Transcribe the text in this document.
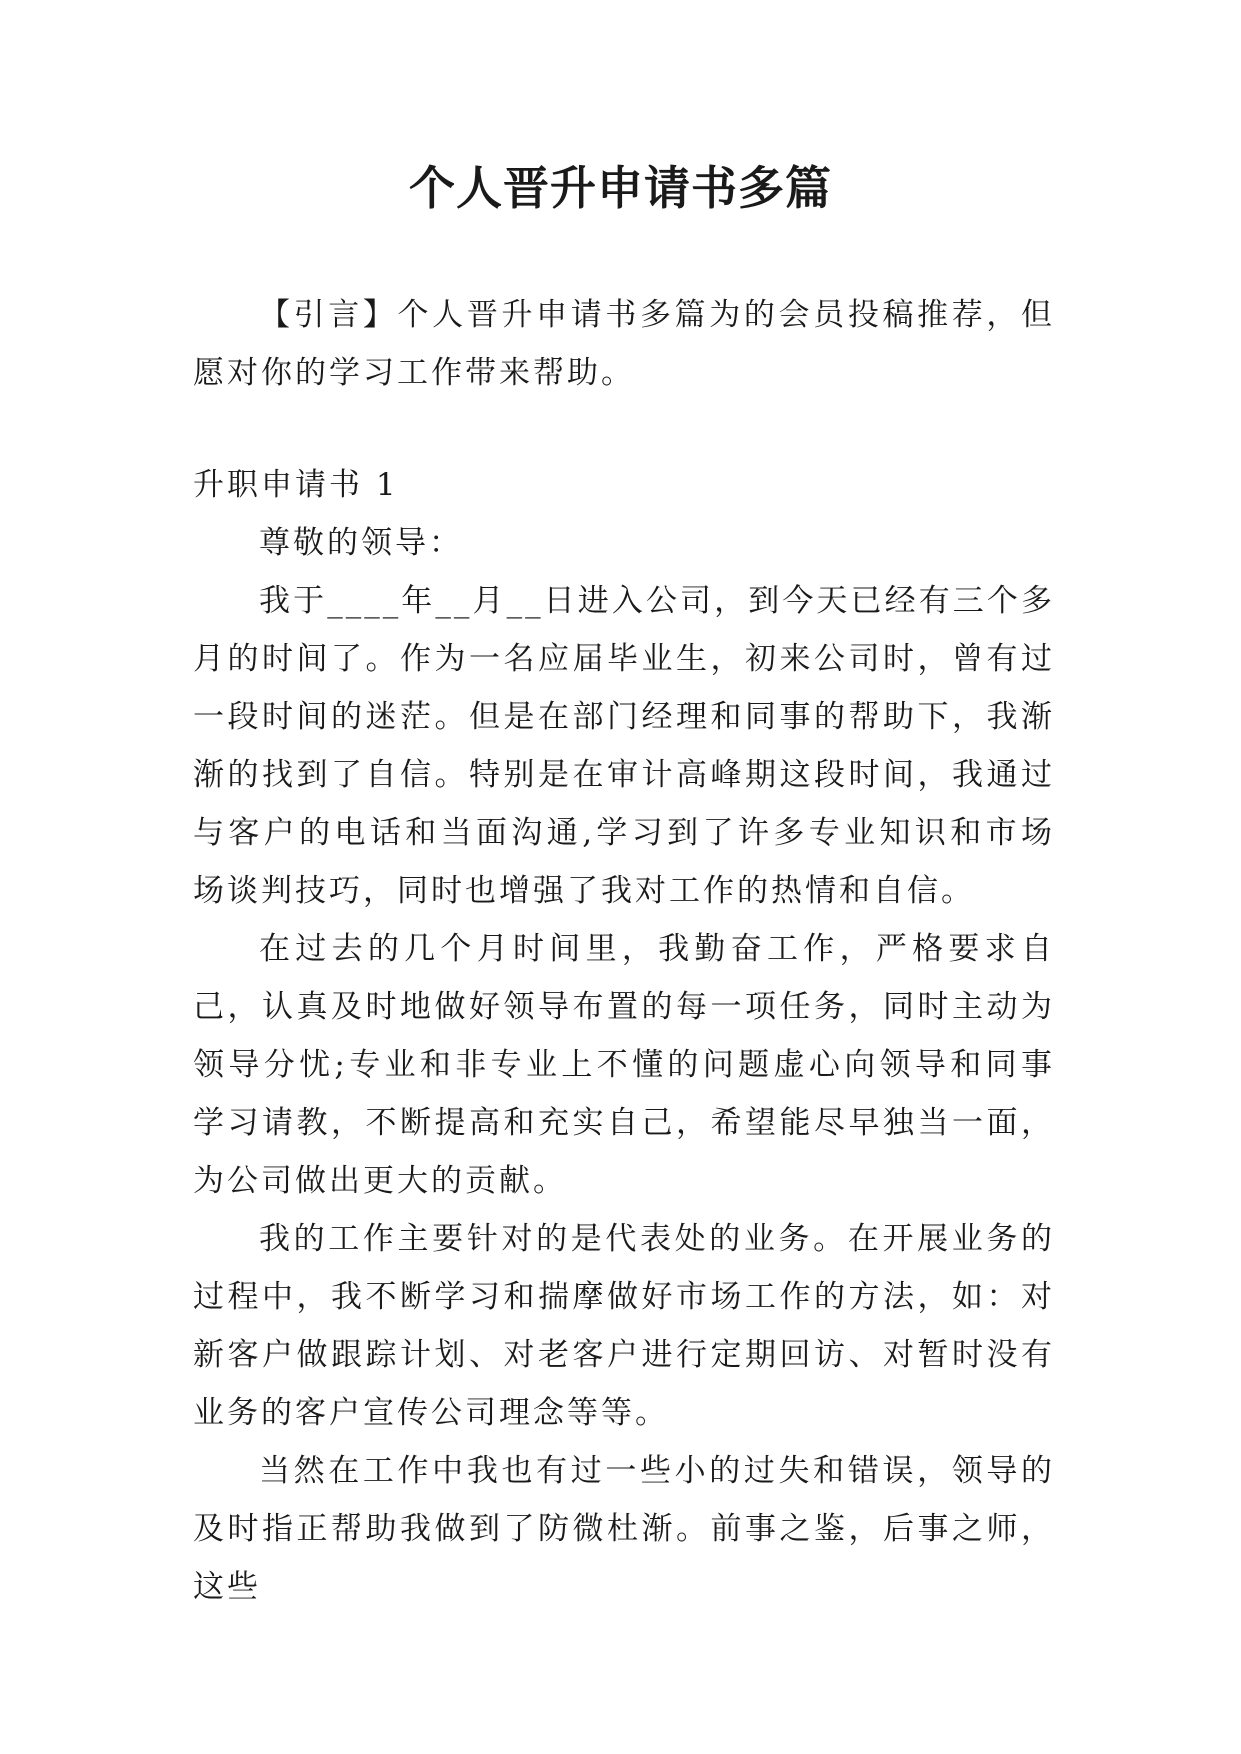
个人晋升申请书多篇

【引言】个人晋升申请书多篇为的会员投稿推荐，但愿对你的学习工作带来帮助。

升职申请书 1

尊敬的领导：

我于____年__月__日进入公司，到今天已经有三个多月的时间了。作为一名应届毕业生，初来公司时，曾有过一段时间的迷茫。但是在部门经理和同事的帮助下，我渐渐的找到了自信。特别是在审计高峰期这段时间，我通过与客户的电话和当面沟通,学习到了许多专业知识和市场场谈判技巧，同时也增强了我对工作的热情和自信。

在过去的几个月时间里，我勤奋工作，严格要求自己，认真及时地做好领导布置的每一项任务，同时主动为领导分忧;专业和非专业上不懂的问题虚心向领导和同事学习请教，不断提高和充实自己，希望能尽早独当一面，为公司做出更大的贡献。

我的工作主要针对的是代表处的业务。在开展业务的过程中，我不断学习和揣摩做好市场工作的方法，如：对新客户做跟踪计划、对老客户进行定期回访、对暂时没有业务的客户宣传公司理念等等。

当然在工作中我也有过一些小的过失和错误，领导的及时指正帮助我做到了防微杜渐。前事之鉴，后事之师，这些
